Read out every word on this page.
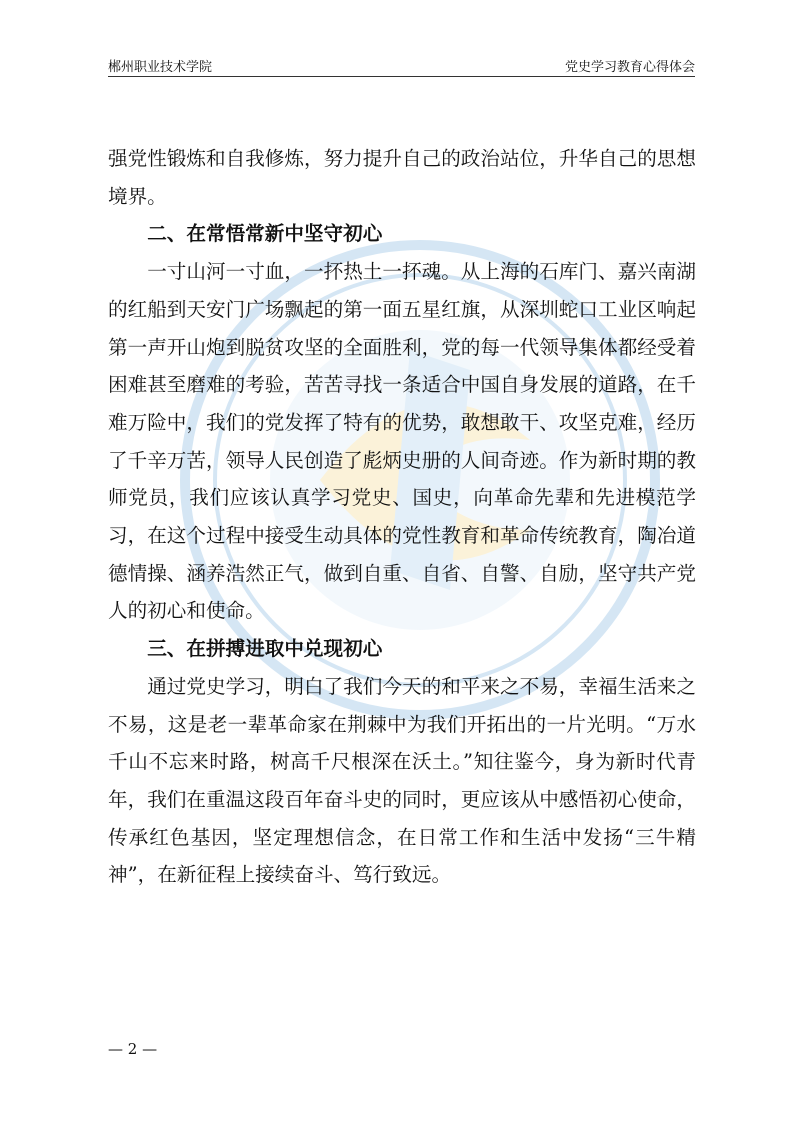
郴州职业技术学院	党史学习教育心得体会

强党性锻炼和自我修炼，努力提升自己的政治站位，升华自己的思想境界。

二、在常悟常新中坚守初心

一寸山河一寸血，一抔热土一抔魂。从上海的石库门、嘉兴南湖的红船到天安门广场飘起的第一面五星红旗，从深圳蛇口工业区响起第一声开山炮到脱贫攻坚的全面胜利，党的每一代领导集体都经受着困难甚至磨难的考验，苦苦寻找一条适合中国自身发展的道路，在千难万险中，我们的党发挥了特有的优势，敢想敢干、攻坚克难，经历了千辛万苦，领导人民创造了彪炳史册的人间奇迹。作为新时期的教师党员，我们应该认真学习党史、国史，向革命先辈和先进模范学习，在这个过程中接受生动具体的党性教育和革命传统教育，陶冶道德情操、涵养浩然正气，做到自重、自省、自警、自励，坚守共产党人的初心和使命。

三、在拼搏进取中兑现初心

通过党史学习，明白了我们今天的和平来之不易，幸福生活来之不易，这是老一辈革命家在荆棘中为我们开拓出的一片光明。“万水千山不忘来时路，树高千尺根深在沃土。”知往鉴今，身为新时代青年，我们在重温这段百年奋斗史的同时，更应该从中感悟初心使命，传承红色基因，坚定理想信念，在日常工作和生活中发扬“三牛精神”，在新征程上接续奋斗、笃行致远。

— 2 —
